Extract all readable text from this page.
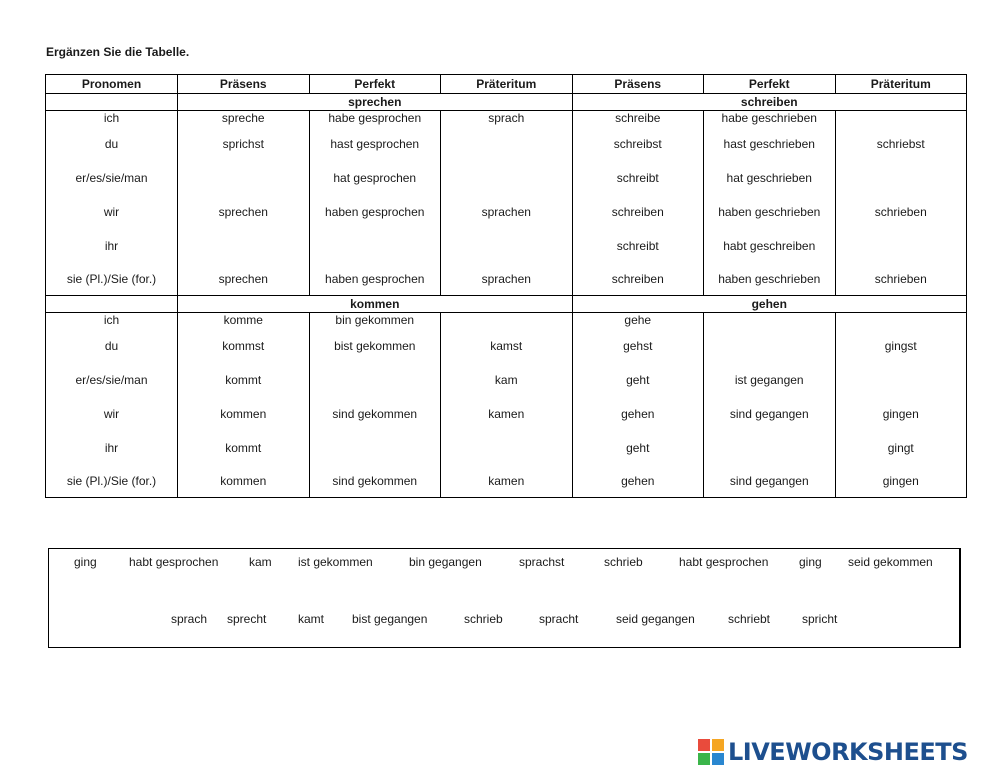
Ergänzen Sie die Tabelle.
Pronomen	Präsens	Perfekt	Präteritum	Präsens	Perfekt	Präteritum
	sprechen			schreiben		
ich	spreche	habe gesprochen	sprach	schreibe	habe geschrieben	
du	sprichst	hast gesprochen		schreibst	hast geschrieben	schriebst
er/es/sie/man		hat gesprochen		schreibt	hat geschrieben	
wir	sprechen	haben gesprochen	sprachen	schreiben	haben geschrieben	schrieben
ihr				schreibt	habt geschreiben	
sie (Pl.)/Sie (for.)	sprechen	haben gesprochen	sprachen	schreiben	haben geschrieben	schrieben
	kommen			gehen		
ich	komme	bin gekommen		gehe		
du	kommst	bist gekommen	kamst	gehst		gingst
er/es/sie/man	kommt		kam	geht	ist gegangen	
wir	kommen	sind gekommen	kamen	gehen	sind gegangen	gingen
ihr	kommt			geht		gingt
sie (Pl.)/Sie (for.)	kommen	sind gekommen	kamen	gehen	sind gegangen	gingen
ging	habt gesprochen	kam ist gekommen	bin gegangen	sprachst	schrieb	habt gesprochen	ging seid gekommen
sprach sprecht	kamt bist gegangen	schrieb	spracht	seid gegangen	schriebt	spricht
LIVEWORKSHEETS
